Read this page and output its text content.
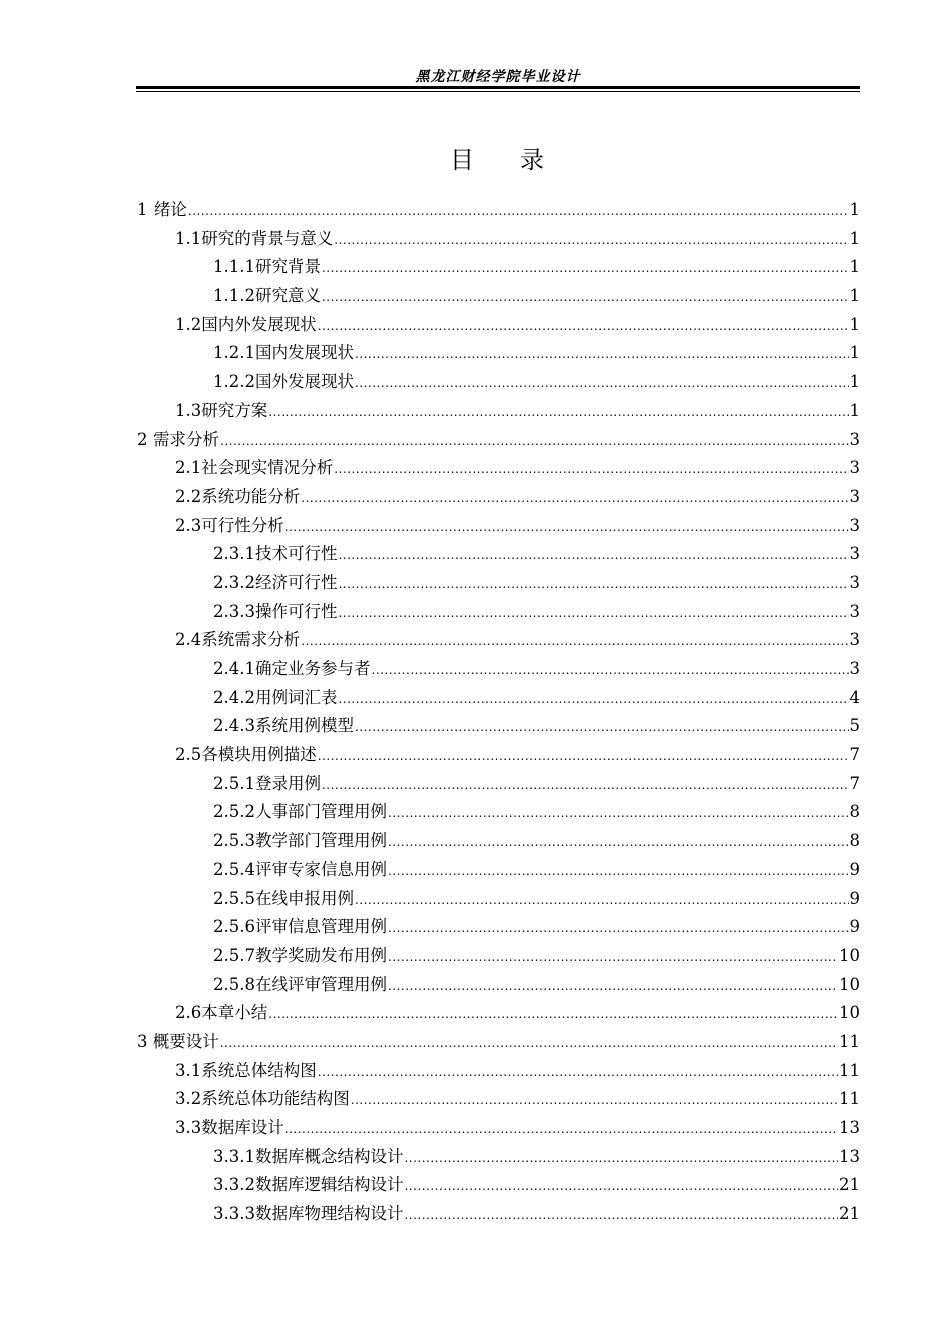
黑龙江财经学院毕业设计
目 录
1 绪论 .....	1
1.1 研究的背景与意义 .....	1
1.1.1 研究背景 .....	1
1.1.2 研究意义 .....	1
1.2 国内外发展现状 .....	1
1.2.1 国内发展现状 .....	1
1.2.2 国外发展现状 .....	1
1.3 研究方案 .....	1
2 需求分析 .....	3
2.1 社会现实情况分析 .....	3
2.2 系统功能分析 .....	3
2.3 可行性分析 .....	3
2.3.1 技术可行性 .....	3
2.3.2 经济可行性 .....	3
2.3.3 操作可行性 .....	3
2.4 系统需求分析 .....	3
2.4.1 确定业务参与者 .....	3
2.4.2 用例词汇表 .....	4
2.4.3 系统用例模型 .....	5
2.5 各模块用例描述 .....	7
2.5.1 登录用例 .....	7
2.5.2 人事部门管理用例 .....	8
2.5.3 教学部门管理用例 .....	8
2.5.4 评审专家信息用例 .....	9
2.5.5 在线申报用例 .....	9
2.5.6 评审信息管理用例 .....	9
2.5.7 教学奖励发布用例 .....	10
2.5.8 在线评审管理用例 .....	10
2.6 本章小结 .....	10
3 概要设计 .....	11
3.1 系统总体结构图 .....	11
3.2 系统总体功能结构图 .....	11
3.3 数据库设计 .....	13
3.3.1 数据库概念结构设计 .....	13
3.3.2 数据库逻辑结构设计 .....	21
3.3.3 数据库物理结构设计 .....	21
